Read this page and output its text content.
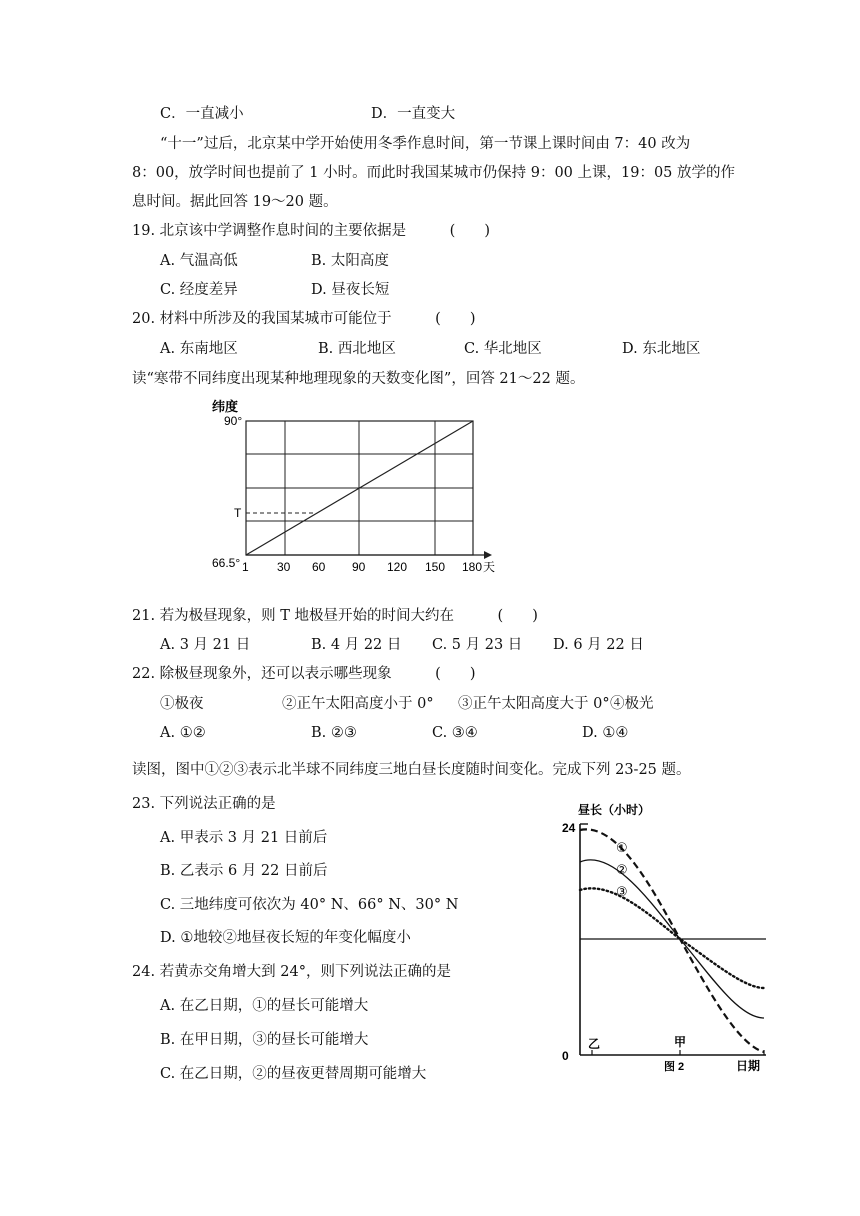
C．一直减小	D．一直变大
“十一”过后，北京某中学开始使用冬季作息时间，第一节课上课时间由 7：40 改为
8：00，放学时间也提前了 1 小时。而此时我国某城市仍保持 9：00 上课，19：05 放学的作
息时间。据此回答 19～20 题。
19. 北京该中学调整作息时间的主要依据是　　　(　　)
A. 气温高低	B. 太阳高度
C. 经度差异	D. 昼夜长短
20. 材料中所涉及的我国某城市可能位于　　　(　　)
A. 东南地区	B. 西北地区	C. 华北地区	D. 东北地区
读“寒带不同纬度出现某种地理现象的天数变化图”，回答 21～22 题。
纬度
90°
T
66.5° 1 30 60 90 120 150 180 天
21. 若为极昼现象，则 T 地极昼开始的时间大约在　　　(　　)
A. 3 月 21 日	B. 4 月 22 日 C. 5 月 23 日 D. 6 月 22 日
22. 除极昼现象外，还可以表示哪些现象　　　(　　)
①极夜	②正午太阳高度小于 0° ③正午太阳高度大于 0° ④极光
A. ①②	B. ②③	C. ③④	D. ①④
读图，图中①②③表示北半球不同纬度三地白昼长度随时间变化。完成下列 23-25 题。
23. 下列说法正确的是
A. 甲表示 3 月 21 日前后
B. 乙表示 6 月 22 日前后
C. 三地纬度可依次为 40° N、66° N、30° N
D. ①地较②地昼夜长短的年变化幅度小
24. 若黄赤交角增大到 24°，则下列说法正确的是
A. 在乙日期，①的昼长可能增大
B. 在甲日期，③的昼长可能增大
C. 在乙日期，②的昼夜更替周期可能增大
昼长（小时）
24
0
①
②
③
乙	甲
图 2	日期
